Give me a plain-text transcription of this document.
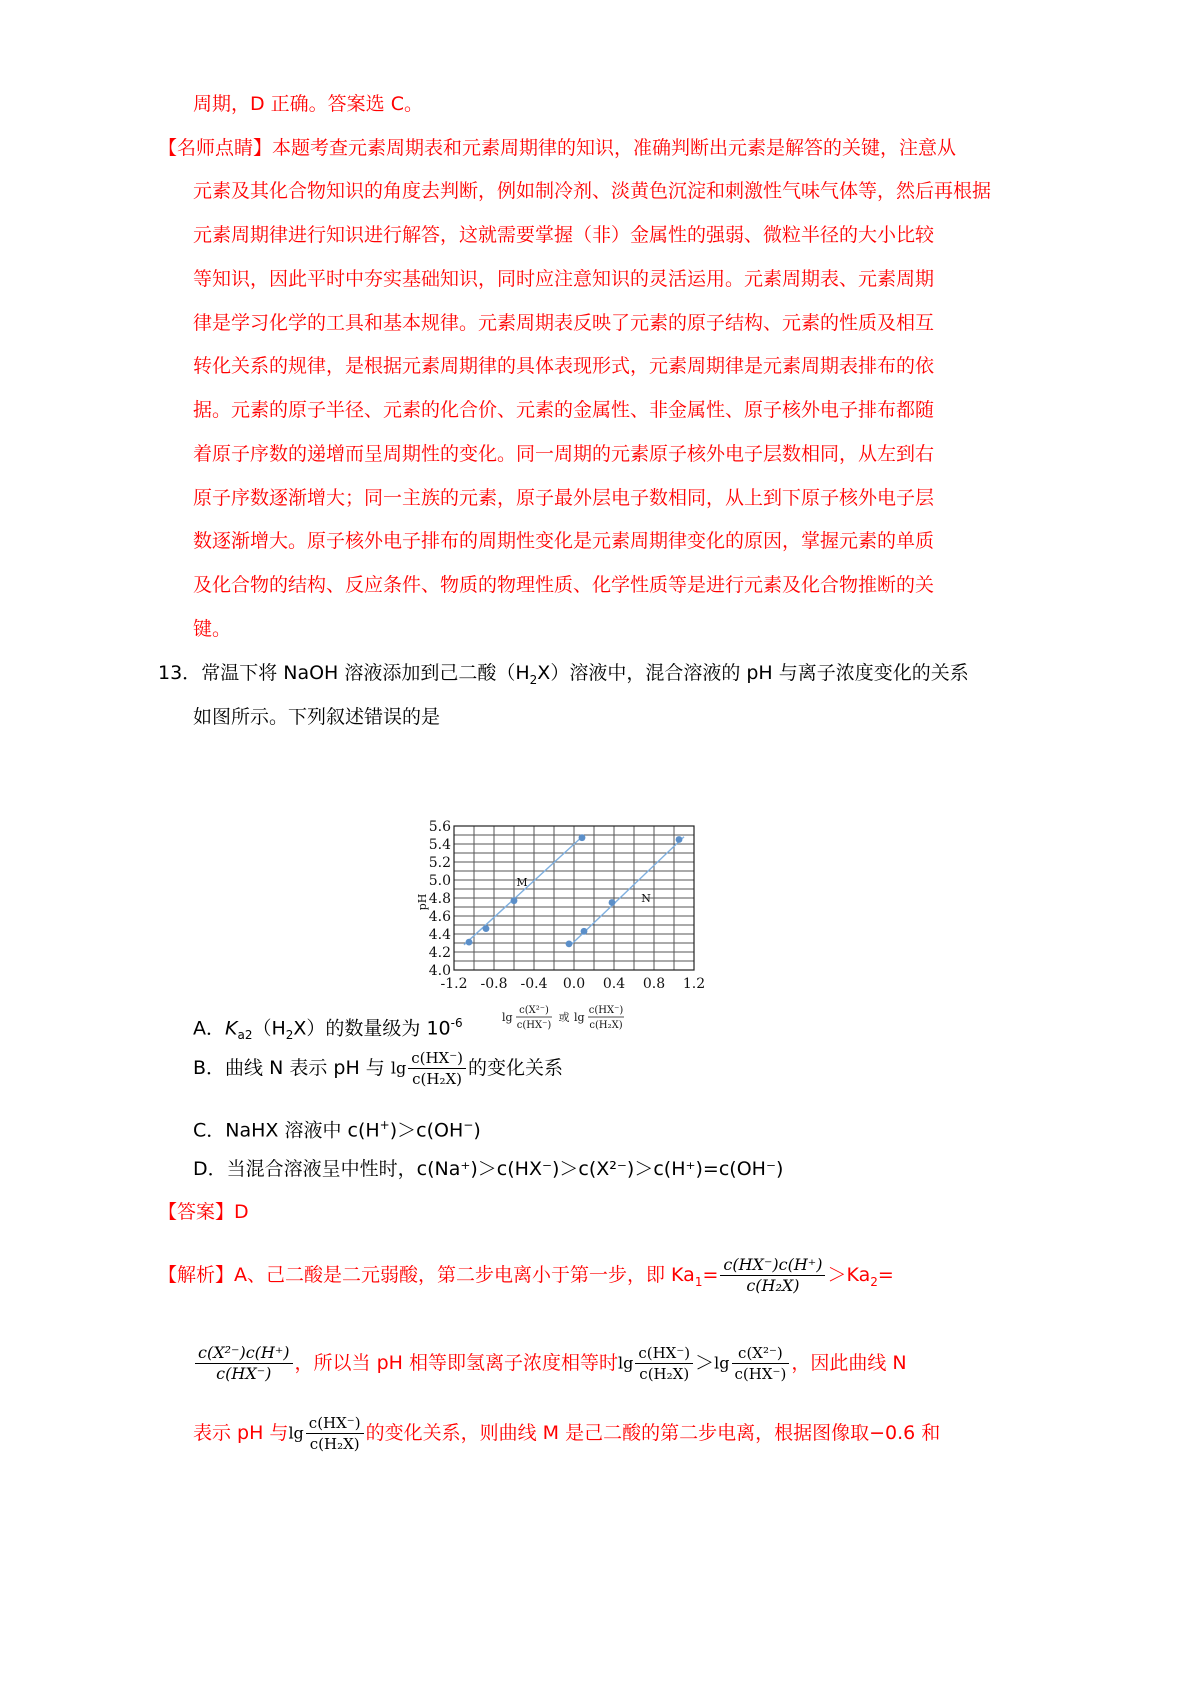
周期，D 正确。答案选 C。
【名师点睛】本题考查元素周期表和元素周期律的知识，准确判断出元素是解答的关键，注意从
元素及其化合物知识的角度去判断，例如制冷剂、淡黄色沉淀和刺激性气味气体等，然后再根据
元素周期律进行知识进行解答，这就需要掌握（非）金属性的强弱、微粒半径的大小比较
等知识，因此平时中夯实基础知识，同时应注意知识的灵活运用。元素周期表、元素周期
律是学习化学的工具和基本规律。元素周期表反映了元素的原子结构、元素的性质及相互
转化关系的规律，是根据元素周期律的具体表现形式，元素周期律是元素周期表排布的依
据。元素的原子半径、元素的化合价、元素的金属性、非金属性、原子核外电子排布都随
着原子序数的递增而呈周期性的变化。同一周期的元素原子核外电子层数相同，从左到右
原子序数逐渐增大；同一主族的元素，原子最外层电子数相同，从上到下原子核外电子层
数逐渐增大。原子核外电子排布的周期性变化是元素周期律变化的原因，掌握元素的单质
及化合物的结构、反应条件、物质的物理性质、化学性质等是进行元素及化合物推断的关
键。
13．常温下将 NaOH 溶液添加到己二酸$(H_2X)$溶液中，混合溶液的 pH 与离子浓度变化的关系
如图所示。下列叙述错误的是
4.0
4.2
4.4
4.6
4.8
5.0
5.2
5.4
5.6
-1.2 -0.8 -0.4 0.0 0.4 0.8 1.2
pH
M
N
lg
c(X²⁻)
c(HX⁻)
或 lg
c(HX⁻)
c(H₂X)
A．$K_{a2}(H_2X)$的数量级为 $10^{-6}$
B．曲线 N 表示 pH 与 $\lg \frac{c(HX^-)}{\text{c(H₂X)}}$ 的变化关系
C．NaHX 溶液中 c(H+)＞c(OH−)
D．当混合溶液呈中性时，c(Na⁺)＞c(HX⁻)＞c(X²⁻)＞c(H⁺)=c(OH⁻)
【答案】D
【解析】A、己二酸是二元弱酸，第二步电离小于第一步，即 $Ka_1= \frac{c(HX^-)c(H^+)}{\text{c(H₂X)}} >Ka_2=$
$\frac{\text{c(X²⁻)c(H⁺)}}{c(HX^-)}$ ，所以当 pH 相等即氢离子浓度相等时$\lg \frac{c(HX^-)}{\text{c(H₂X)}} >\lg \frac{\text{c(X²⁻)}}{c(HX^-)}$ ，因此曲线 N
表示 pH 与$\lg \frac{c(HX^-)}{\text{c(H₂X)}}$ 的变化关系，则曲线 M 是己二酸的第二步电离，根据图像取−0.6 和
